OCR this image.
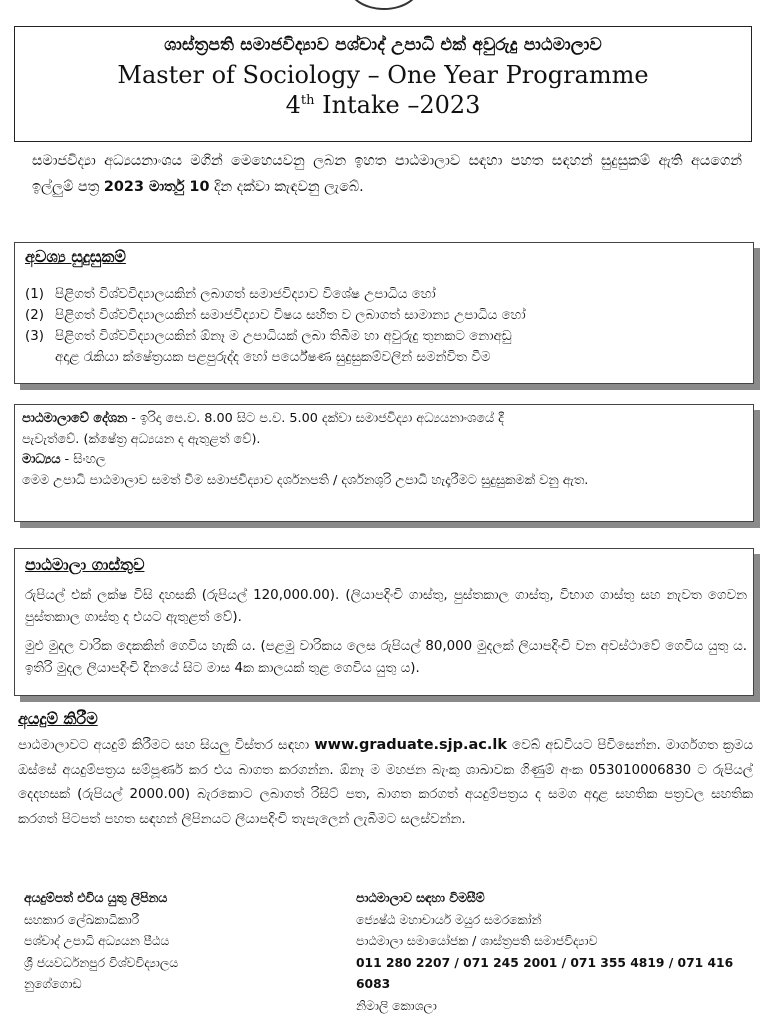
ශාස්ත්‍රපති සමාජවිද්‍යාව පශ්චාද් උපාධි එක් අවුරුදු පාඨමාලාව
Master of Sociology – One Year Programme
4th Intake –2023
සමාජවිද්‍යා අධ්‍යයනාංශය මගින් මෙහෙයවනු ලබන ඉහත පාඨමාලාව සඳහා පහත සඳහන් සුදුසුකම් ඇති අයගෙන් ඉල්ලුම් පත්‍ර 2023 මාර්තු 10 දින දක්වා කැඳවනු ලැබේ.
අවශ්‍ය සුදුසුකම්
(1) පිළිගත් විශ්වවිද්‍යාලයකින් ලබාගත් සමාජවිද්‍යාව විශේෂ උපාධිය හෝ
(2) පිළිගත් විශ්වවිද්‍යාලයකින් සමාජවිද්‍යාව විෂය සහිත ව ලබාගත් සාමාන්‍ය උපාධිය හෝ
(3) පිළිගත් විශ්වවිද්‍යාලයකින් ඕනෑ ම උපාධියක් ලබා තිබීම හා අවුරුදු තුනකට නොඅඩු
අදාළ රැකියා ක්ෂේත්‍රයක පළපුරුද්ද හෝ පර්යේෂණ සුදුසුකම්වලින් සමන්විත වීම
පාඨමාලාවේ දේශන - ඉරිදා පෙ.ව. 8.00 සිට ප.ව. 5.00 දක්වා සමාජවිද්‍යා අධ්‍යයනාංශයේ දී
පැවැත්වේ. (ක්ෂේත්‍ර අධ්‍යයන ද ඇතුළත් වේ).
මාධ්‍යය - සිංහල
මෙම උපාධි පාඨමාලාව සමත් වීම සමාජවිද්‍යාව දර්ශනපති / දර්ශනශූරි උපාධි හැදෑරීමට සුදුසුකමක් වනු ඇත.
පාඨමාලා ගාස්තුව

රුපියල් එක් ලක්ෂ විසි දහසකි (රුපියල් 120,000.00). (ලියාපදිංචි ගාස්තු, පුස්තකාල ගාස්තු, විභාග ගාස්තු සහ නැවත ගෙවන පුස්තකාල ගාස්තු ද එයට ඇතුළත් වේ).

මුළු මුදල වාරික දෙකකින් ගෙවිය හැකි ය. (පළමු වාරිකය ලෙස රුපියල් 80,000 මුදලක් ලියාපදිංචි වන අවස්ථාවේ ගෙවිය යුතු ය. ඉතිරි මුදල ලියාපදිංචි දිනයේ සිට මාස 4ක කාලයක් තුළ ගෙවිය යුතු ය).

අයදුම් කිරීම
පාඨමාලාවට අයදුම් කිරීමට සහ සියලු විස්තර සඳහා www.graduate.sjp.ac.lk වෙබ් අඩවියට පිවිසෙන්න. මාර්ගගත ක්‍රමය ඔස්සේ අයදුම්පත්‍රය සම්පූර්ණ කර එය බාගත කරගන්න. ඕනෑ ම මහජන බැංකු ශාඛාවක ගිණුම් අංක 053010006830 ට රුපියල් දෙදහසක් (රුපියල් 2000.00) බැරකොට ලබාගත් රිසිට් පත, බාගත කරගත් අයදුම්පත්‍රය ද සමග අදාළ සහතික පත්‍රවල සහතික කරගත් පිටපත් පහත සඳහන් ලිපිනයට ලියාපදිංචි තැපැලෙන් ලැබීමට සලස්වන්න.
අයදුම්පත් එවිය යුතු ලිපිනය
සහකාර ලේඛකාධිකාරී
පශ්චාද් උපාධි අධ්‍යයන පීඨය
ශ්‍රී ජයවර්ධනපුර විශ්වවිද්‍යාලය
නුගේගොඩ
පාඨමාලාව සඳහා විමසීම්
ජ්‍යෙෂ්ඨ මහාචාර්ය මයුර සමරකෝන්
පාඨමාලා සමායෝජක / ශාස්ත්‍රපති සමාජවිද්‍යාව
011 280 2207 / 071 245 2001 / 071 355 4819 / 071 416 6083
නිමාලි කොශලා
